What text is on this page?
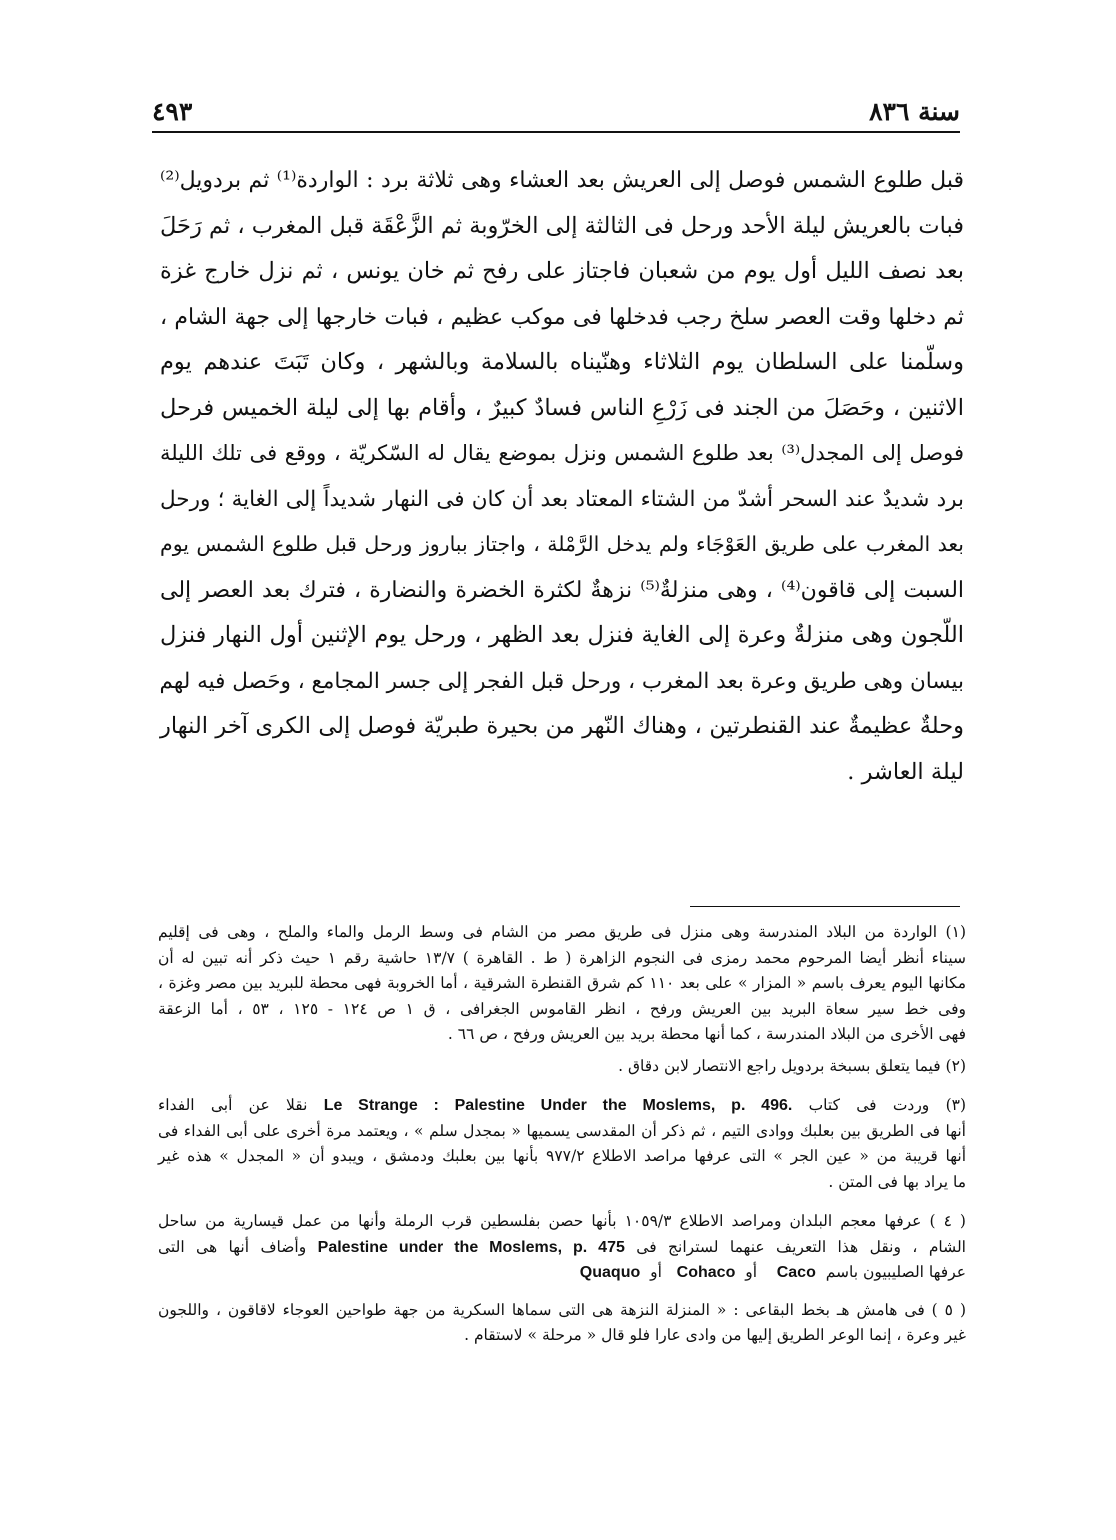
٤٩٣	سنة ٨٣٦

قبل طلوع الشمس فوصل إلى العريش بعد العشاء وهى ثلاثة برد : الواردة⁽¹⁾ ثم بردويل⁽²⁾

فبات بالعريش ليلة الأحد ورحل فى الثالثة إلى الخرّوبة ثم الزَّعْقَة قبل المغرب ، ثم رَحَلَ

بعد نصف الليل أول يوم من شعبان فاجتاز على رفح ثم خان يونس ، ثم نزل خارج غزة

ثم دخلها وقت العصر سلخ رجب فدخلها فى موكب عظيم ، فبات خارجها إلى جهة الشام ،

وسلّمنا على السلطان يوم الثلاثاء وهنّيناه بالسلامة وبالشهر ، وكان تَبَتَ عندهم يوم

الاثنين ، وحَصَلَ من الجند فى زَرْعِ الناس فسادٌ كبيرٌ ، وأقام بها إلى ليلة الخميس فرحل

فوصل إلى المجدل⁽³⁾ بعد طلوع الشمس ونزل بموضع يقال له السّكريّة ، ووقع فى تلك الليلة

برد شديدٌ عند السحر أشدّ من الشتاء المعتاد بعد أن كان فى النهار شديداً إلى الغاية ؛ ورحل

بعد المغرب على طريق العَوْجَاء ولم يدخل الرَّمْلة ، واجتاز بباروز ورحل قبل طلوع الشمس يوم

السبت إلى قاقون⁽⁴⁾ ، وهى منزلةٌ⁽⁵⁾ نزهةٌ لكثرة الخضرة والنضارة ، فترك بعد العصر إلى

اللّجون وهى منزلةٌ وعرة إلى الغاية فنزل بعد الظهر ، ورحل يوم الإثنين أول النهار فنزل

بيسان وهى طريق وعرة بعد المغرب ، ورحل قبل الفجر إلى جسر المجامع ، وحَصل فيه لهم

وحلةٌ عظيمةٌ عند القنطرتين ، وهناك النّهر من بحيرة طبريّة فوصل إلى الكرى آخر النهار

ليلة العاشر .

(١) الواردة من البلاد المندرسة وهى منزل فى طريق مصر من الشام فى وسط الرمل والماء والملح ، وهى فى إقليم

سيناء أنظر أيضا المرحوم محمد رمزى فى النجوم الزاهرة ( ط . القاهرة ) ١٣/٧ حاشية رقم ١ حيث ذكر أنه تبين له أن

مكانها اليوم يعرف باسم « المزار » على بعد ١١٠ كم شرق القنطرة الشرقية ، أما الخروبة فهى محطة للبريد بين مصر وغزة ،

وفى خط سير سعاة البريد بين العريش ورفح ، انظر القاموس الجغرافى ، ق ١ ص ١٢٤ - ١٢٥ ، ٥٣ ، أما الزعقة

فهى الأخرى من البلاد المندرسة ، كما أنها محطة بريد بين العريش ورفح ، ص ٦٦ .

(٢) فيما يتعلق بسبخة بردويل راجع الانتصار لابن دقاق .

(٣) وردت فى كتاب Le Strange : Palestine Under the Moslems, p. 496. نقلا عن أبى الفداء

أنها فى الطريق بين بعلبك ووادى التيم ، ثم ذكر أن المقدسى يسميها « بمجدل سلم » ، ويعتمد مرة أخرى على أبى الفداء فى

أنها قريبة من « عين الجر » التى عرفها مراصد الاطلاع ٩٧٧/٢ بأنها بين بعلبك ودمشق ، ويبدو أن « المجدل » هذه غير

ما يراد بها فى المتن .

( ٤ ) عرفها معجم البلدان ومراصد الاطلاع ١٠٥٩/٣ بأنها حصن بفلسطين قرب الرملة وأنها من عمل قيسارية من ساحل

الشام ، ونقل هذا التعريف عنهما لسترانج فى Palestine under the Moslems, p. 475 وأضاف أنها هى التى

عرفها الصليبيون باسم  Caco    أو  Cohaco   أو  Quaquo

( ٥ ) فى هامش هـ بخط البقاعى : « المنزلة النزهة هى التى سماها السكرية من جهة طواحين العوجاء لاقاقون ، واللجون

غير وعرة ، إنما الوعر الطريق إليها من وادى عارا فلو قال « مرحلة » لاستقام .
